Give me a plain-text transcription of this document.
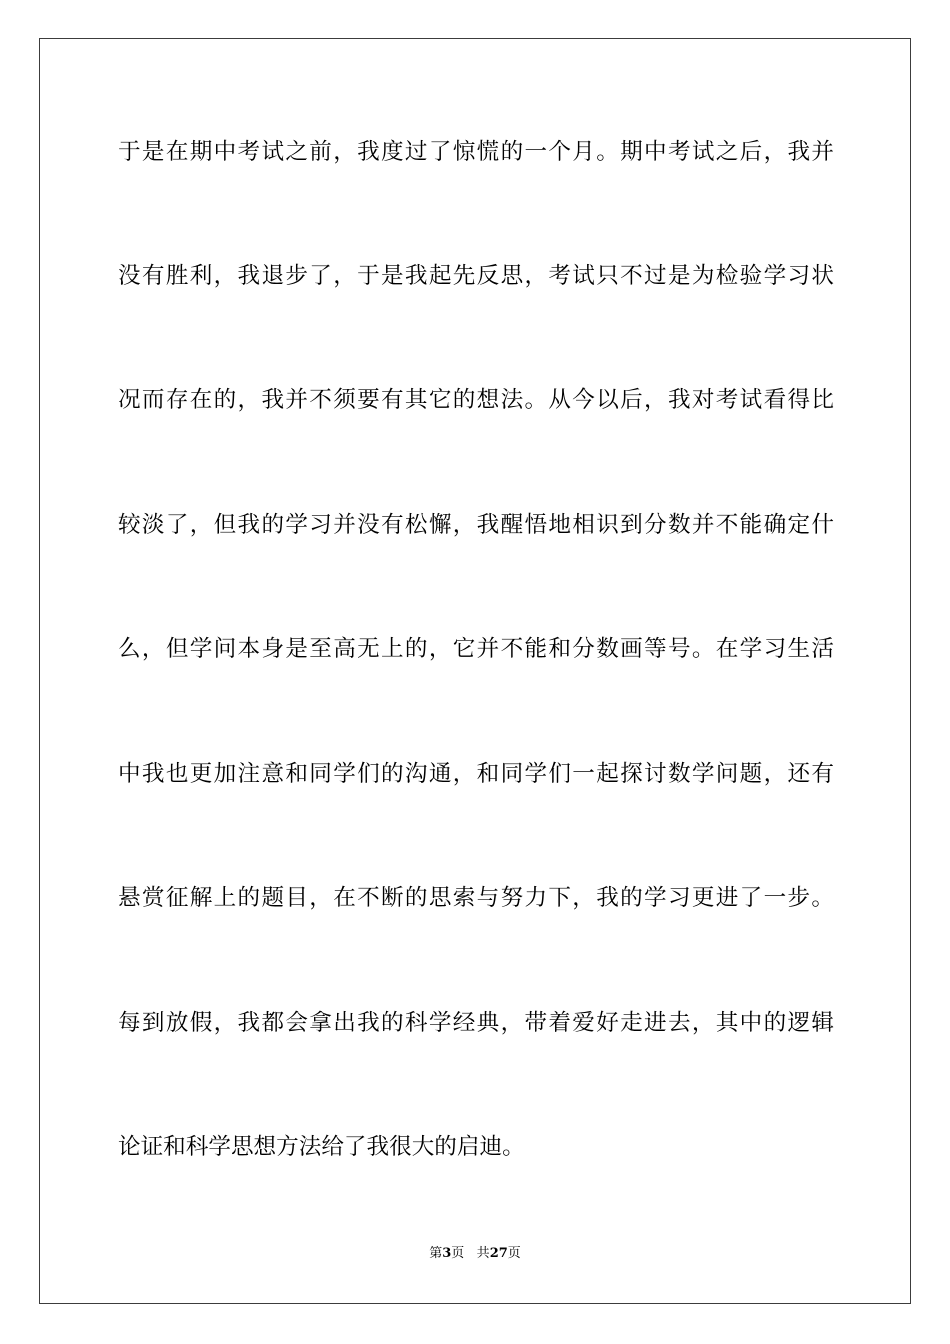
于是在期中考试之前，我度过了惊慌的一个月。期中考试之后，我并
没有胜利，我退步了，于是我起先反思，考试只不过是为检验学习状
况而存在的，我并不须要有其它的想法。从今以后，我对考试看得比
较淡了，但我的学习并没有松懈，我醒悟地相识到分数并不能确定什
么，但学问本身是至高无上的，它并不能和分数画等号。在学习生活
中我也更加注意和同学们的沟通，和同学们一起探讨数学问题，还有
悬赏征解上的题目，在不断的思索与努力下，我的学习更进了一步。
每到放假，我都会拿出我的科学经典，带着爱好走进去，其中的逻辑
论证和科学思想方法给了我很大的启迪。
第3页 共27页
